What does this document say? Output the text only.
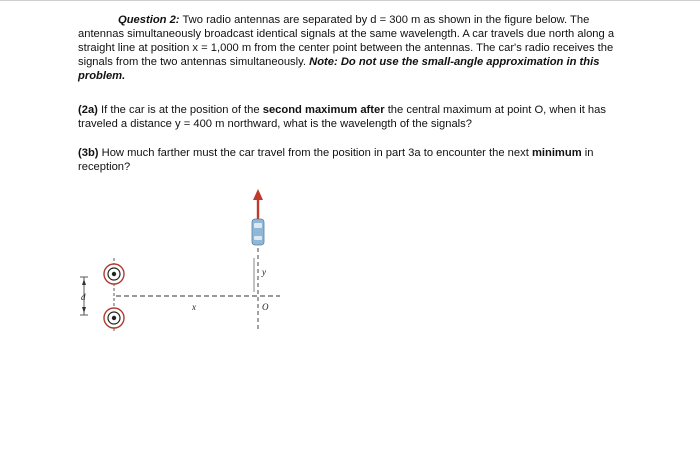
Question 2: Two radio antennas are separated by d = 300 m as shown in the figure below. The antennas simultaneously broadcast identical signals at the same wavelength. A car travels due north along a straight line at position x = 1,000 m from the center point between the antennas. The car's radio receives the signals from the two antennas simultaneously. Note: Do not use the small-angle approximation in this problem.

(2a) If the car is at the position of the second maximum after the central maximum at point O, when it has traveled a distance y = 400 m northward, what is the wavelength of the signals?

(3b) How much farther must the car travel from the position in part 3a to encounter the next minimum in reception?

d
y
x	O
